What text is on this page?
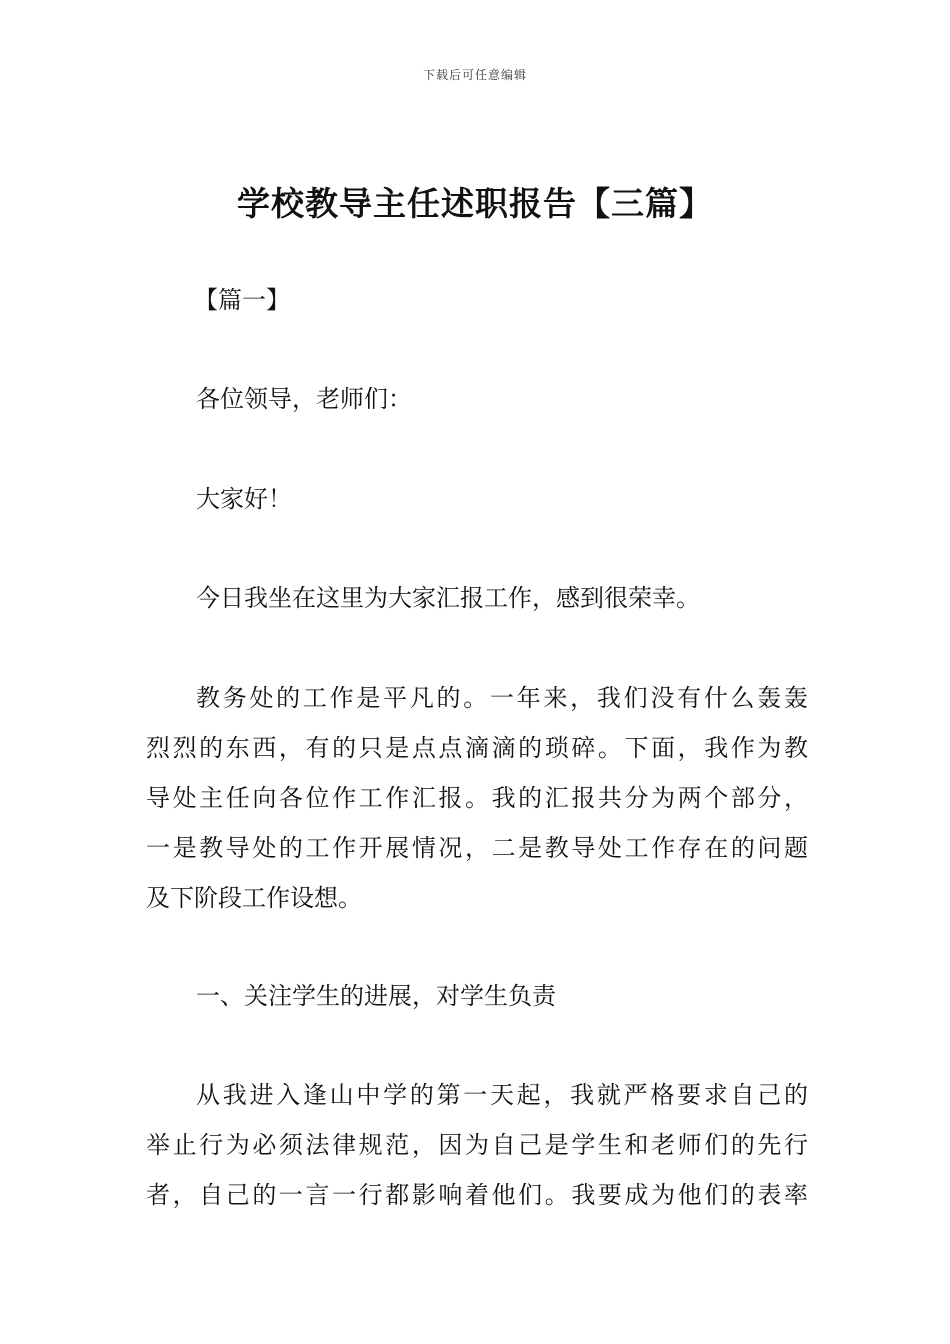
下载后可任意编辑
学校教导主任述职报告【三篇】
【篇一】
各位领导，老师们：
大家好！
今日我坐在这里为大家汇报工作，感到很荣幸。
教务处的工作是平凡的。一年来，我们没有什么轰轰
烈烈的东西，有的只是点点滴滴的琐碎。下面，我作为教
导处主任向各位作工作汇报。我的汇报共分为两个部分，
一是教导处的工作开展情况，二是教导处工作存在的问题
及下阶段工作设想。
一、关注学生的进展，对学生负责
从我进入逢山中学的第一天起，我就严格要求自己的
举止行为必须法律规范，因为自己是学生和老师们的先行
者，自己的一言一行都影响着他们。我要成为他们的表率
